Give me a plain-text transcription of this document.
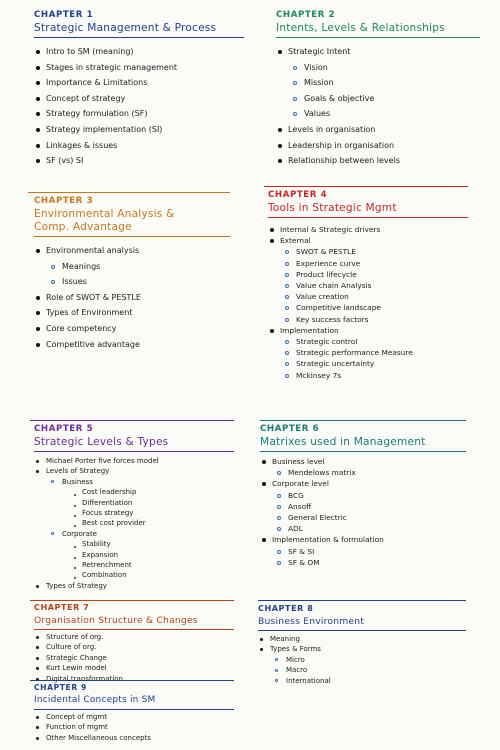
CHAPTER 1
Strategic Management & Process
Intro to SM (meaning)
Stages in strategic management
Importance & Limitations
Concept of strategy
Strategy formulation (SF)
Strategy implementation (SI)
Linkages & issues
SF (vs) SI
CHAPTER 2
Intents, Levels & Relationships
Strategic Intent
Vision
Mission
Goals & objective
Values
Levels in organisation
Leadership in organisation
Relationship between levels
CHAPTER 3
Environmental Analysis &
Comp. Advantage
Environmental analysis
Meanings
Issues
Role of SWOT & PESTLE
Types of Environment
Core competency
Competitive advantage
CHAPTER 4
Tools in Strategic Mgmt
Internal & Strategic drivers
External
SWOT & PESTLE
Experience curve
Product lifecycle
Value chain Analysis
Value creation
Competitive landscape
Key success factors
Implementation
Strategic control
Strategic performance Measure
Strategic uncertainty
Mckinsey 7s
CHAPTER 5
Strategic Levels & Types
Michael Porter five forces model
Levels of Strategy
Business
Cost leadership
Differentiation
Focus strategy
Best cost provider
Corporate
Stability
Expansion
Retrenchment
Combination
Types of Strategy
CHAPTER 6
Matrixes used in Management
Business level
Mendelows matrix
Corporate level
BCG
Ansoff
General Electric
ADL
Implementation & formulation
SF & SI
SF & OM
CHAPTER 7
Organisation Structure & Changes
Structure of org.
Culture of org.
Strategic Change
Kurt Lewin model
Digital transformation
CHAPTER 8
Business Environment
Meaning
Types & Forms
Micro
Macro
International
CHAPTER 9
Incidental Concepts in SM
Concept of mgmt
Function of mgmt
Other Miscellaneous concepts
